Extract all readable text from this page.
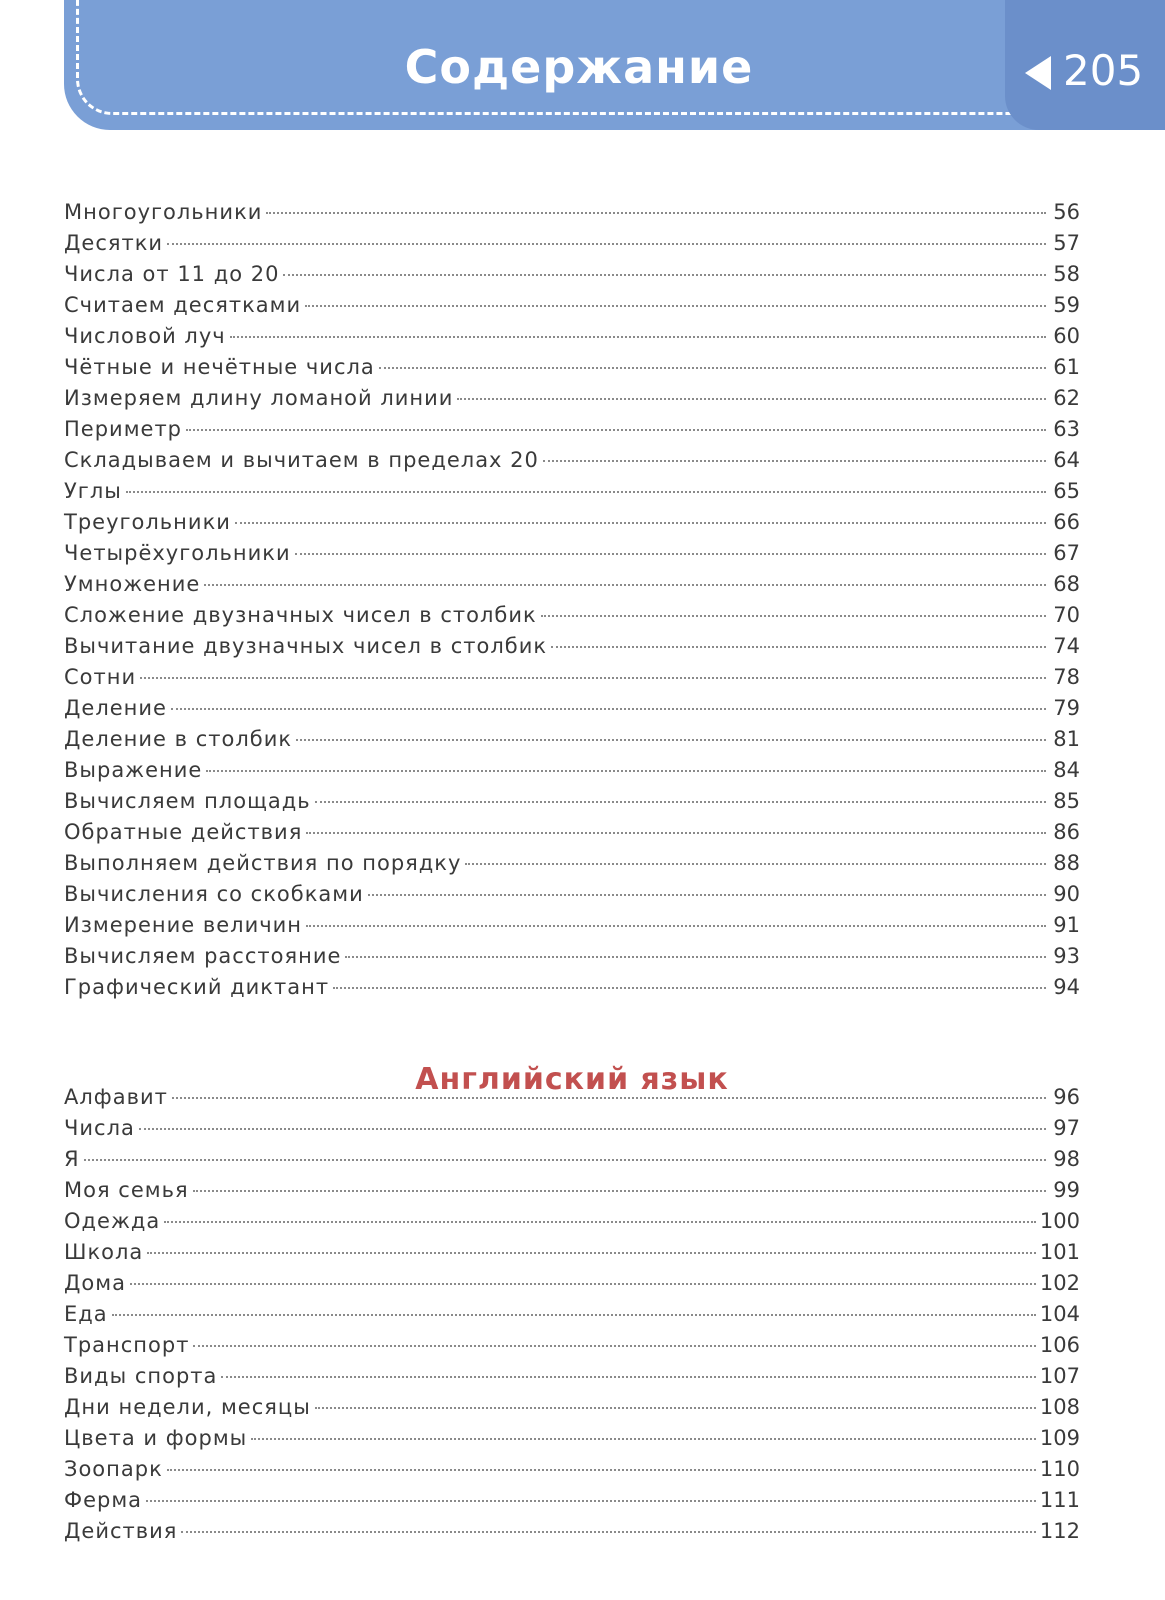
Содержание	205
Многоугольники	56
Десятки	57
Числа от 11 до 20	58
Считаем десятками	59
Числовой луч	60
Чётные и нечётные числа	61
Измеряем длину ломаной линии	62
Периметр	63
Складываем и вычитаем в пределах 20	64
Углы	65
Треугольники	66
Четырёхугольники	67
Умножение	68
Сложение двузначных чисел в столбик	70
Вычитание двузначных чисел в столбик	74
Сотни	78
Деление	79
Деление в столбик	81
Выражение	84
Вычисляем площадь	85
Обратные действия	86
Выполняем действия по порядку	88
Вычисления со скобками	90
Измерение величин	91
Вычисляем расстояние	93
Графический диктант	94
Английский язык
Алфавит	96
Числа	97
Я	98
Моя семья	99
Одежда	100
Школа	101
Дома	102
Еда	104
Транспорт	106
Виды спорта	107
Дни недели, месяцы	108
Цвета и формы	109
Зоопарк	110
Ферма	111
Действия	112
